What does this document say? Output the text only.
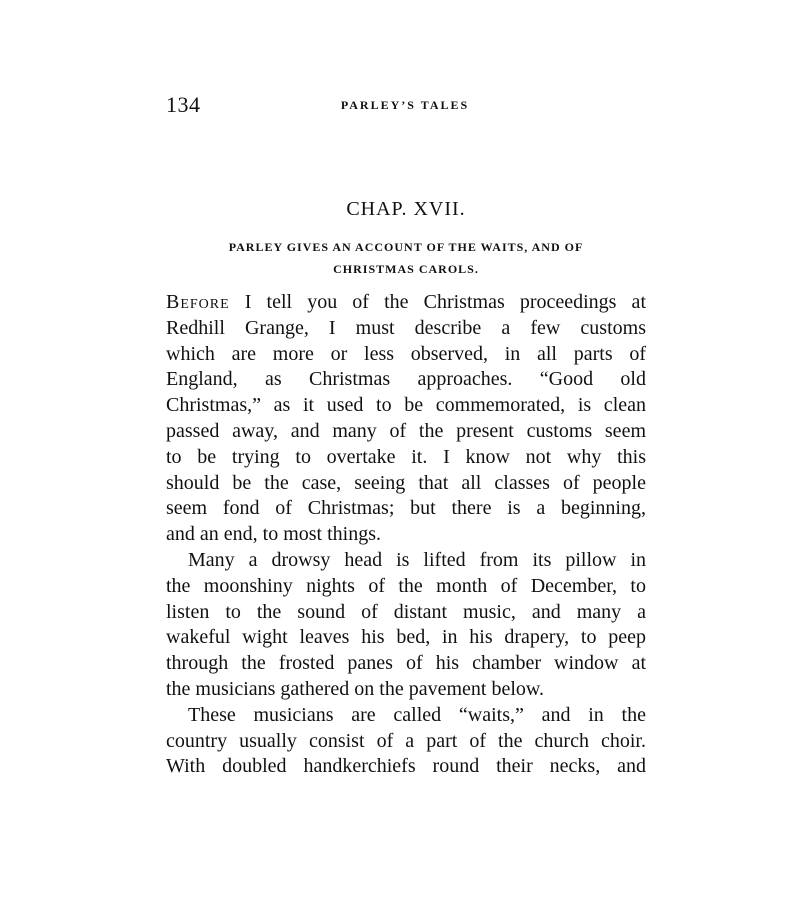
134	PARLEY’S TALES
CHAP. XVII.
PARLEY GIVES AN ACCOUNT OF THE WAITS, AND OF
CHRISTMAS CAROLS.
Before I tell you of the Christmas proceedings at
Redhill Grange, I must describe a few customs
which are more or less observed, in all parts of
England, as Christmas approaches. “Good old
Christmas,” as it used to be commemorated, is clean
passed away, and many of the present customs seem
to be trying to overtake it. I know not why this
should be the case, seeing that all classes of people
seem fond of Christmas; but there is a beginning,
and an end, to most things.
Many a drowsy head is lifted from its pillow in
the moonshiny nights of the month of December, to
listen to the sound of distant music, and many a
wakeful wight leaves his bed, in his drapery, to peep
through the frosted panes of his chamber window at
the musicians gathered on the pavement below.
These musicians are called “waits,” and in the
country usually consist of a part of the church choir.
With doubled handkerchiefs round their necks, and
